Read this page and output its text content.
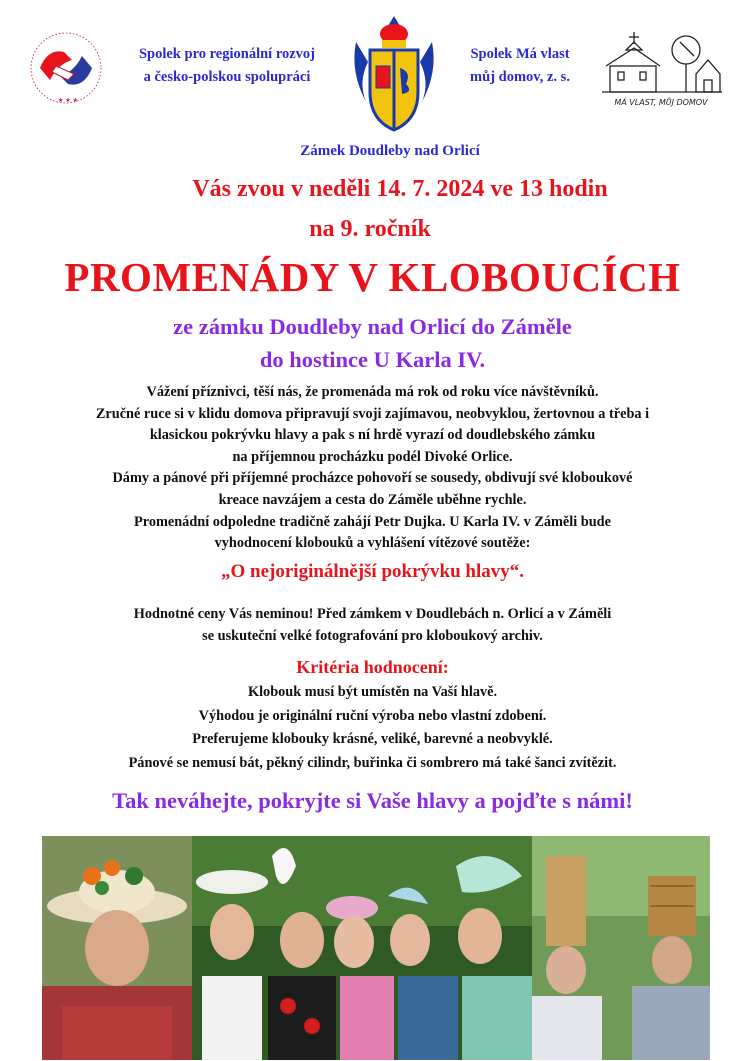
★ ★ ★
Spolek pro regionální rozvoj
a česko-polskou spolupráci
Spolek Má vlast
můj domov, z. s.
MÁ VLAST, MŮJ DOMOV
Zámek Doudleby nad Orlicí
Vás zvou v neděli 14. 7. 2024 ve 13 hodin
na 9. ročník
PROMENÁDY V KLOBOUCÍCH
ze zámku Doudleby nad Orlicí do Záměle
do hostince U Karla IV.
Vážení příznivci, těší nás, že promenáda má rok od roku více návštěvníků.
Zručné ruce si v klidu domova připravují svoji zajímavou, neobvyklou, žertovnou a třeba i
klasickou pokrývku hlavy a pak s ní hrdě vyrazí od doudlebského zámku
na příjemnou procházku podél Divoké Orlice.
Dámy a pánové při příjemné procházce pohovoří se sousedy, obdivují své kloboukové
kreace navzájem a cesta do Záměle uběhne rychle.
Promenádní odpoledne tradičně zahájí Petr Dujka. U Karla IV. v Záměli bude
vyhodnocení klobouků a vyhlášení vítězové soutěže:
„O nejoriginálnější pokrývku hlavy“.
Hodnotné ceny Vás neminou! Před zámkem v Doudlebách n. Orlicí a v Záměli
se uskuteční velké fotografování pro kloboukový archiv.
Kritéria hodnocení:
Klobouk musí být umístěn na Vaší hlavě.
Výhodou je originální ruční výroba nebo vlastní zdobení.
Preferujeme klobouky krásné, veliké, barevné a neobvyklé.
Pánové se nemusí bát, pěkný cilindr, buřinka či sombrero má také šanci zvítězit.
Tak neváhejte, pokryjte si Vaše hlavy a pojďte s námi!
